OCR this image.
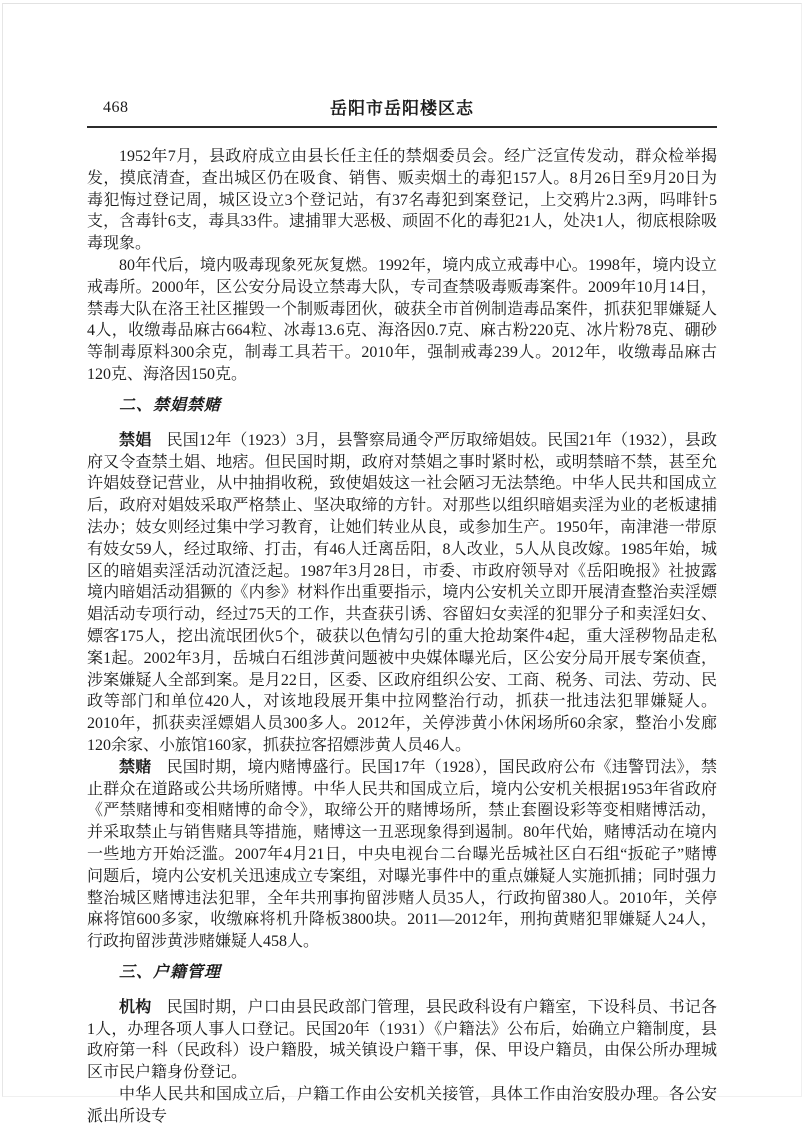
468	岳阳市岳阳楼区志

1952年7月，县政府成立由县长任主任的禁烟委员会。经广泛宣传发动，群众检举揭发，摸底清查，查出城区仍在吸食、销售、贩卖烟土的毒犯157人。8月26日至9月20日为毒犯悔过登记周，城区设立3个登记站，有37名毒犯到案登记，上交鸦片2.3两，吗啡针5支，含毒针6支，毒具33件。逮捕罪大恶极、顽固不化的毒犯21人，处决1人，彻底根除吸毒现象。

80年代后，境内吸毒现象死灰复燃。1992年，境内成立戒毒中心。1998年，境内设立戒毒所。2000年，区公安分局设立禁毒大队，专司查禁吸毒贩毒案件。2009年10月14日，禁毒大队在洛王社区摧毁一个制贩毒团伙，破获全市首例制造毒品案件，抓获犯罪嫌疑人4人，收缴毒品麻古664粒、冰毒13.6克、海洛因0.7克、麻古粉220克、冰片粉78克、硼砂等制毒原料300余克，制毒工具若干。2010年，强制戒毒239人。2012年，收缴毒品麻古120克、海洛因150克。

二、禁娼禁赌

禁娼 民国12年（1923）3月，县警察局通令严厉取缔娼妓。民国21年（1932），县政府又令查禁土娼、地痞。但民国时期，政府对禁娼之事时紧时松，或明禁暗不禁，甚至允许娼妓登记营业，从中抽捐收税，致使娼妓这一社会陋习无法禁绝。中华人民共和国成立后，政府对娼妓采取严格禁止、坚决取缔的方针。对那些以组织暗娼卖淫为业的老板逮捕法办；妓女则经过集中学习教育，让她们转业从良，或参加生产。1950年，南津港一带原有妓女59人，经过取缔、打击，有46人迁离岳阳，8人改业，5人从良改嫁。1985年始，城区的暗娼卖淫活动沉渣泛起。1987年3月28日，市委、市政府领导对《岳阳晚报》社披露境内暗娼活动猖獗的《内参》材料作出重要指示，境内公安机关立即开展清查整治卖淫嫖娼活动专项行动，经过75天的工作，共查获引诱、容留妇女卖淫的犯罪分子和卖淫妇女、嫖客175人，挖出流氓团伙5个，破获以色情勾引的重大抢劫案件4起，重大淫秽物品走私案1起。2002年3月，岳城白石组涉黄问题被中央媒体曝光后，区公安分局开展专案侦查，涉案嫌疑人全部到案。是月22日，区委、区政府组织公安、工商、税务、司法、劳动、民政等部门和单位420人，对该地段展开集中拉网整治行动，抓获一批违法犯罪嫌疑人。2010年，抓获卖淫嫖娼人员300多人。2012年，关停涉黄小休闲场所60余家，整治小发廊120余家、小旅馆160家，抓获拉客招嫖涉黄人员46人。

禁赌 民国时期，境内赌博盛行。民国17年（1928），国民政府公布《违警罚法》，禁止群众在道路或公共场所赌博。中华人民共和国成立后，境内公安机关根据1953年省政府《严禁赌博和变相赌博的命令》，取缔公开的赌博场所，禁止套圈设彩等变相赌博活动，并采取禁止与销售赌具等措施，赌博这一丑恶现象得到遏制。80年代始，赌博活动在境内一些地方开始泛滥。2007年4月21日，中央电视台二台曝光岳城社区白石组“扳砣子”赌博问题后，境内公安机关迅速成立专案组，对曝光事件中的重点嫌疑人实施抓捕；同时强力整治城区赌博违法犯罪，全年共刑事拘留涉赌人员35人，行政拘留380人。2010年，关停麻将馆600多家，收缴麻将机升降板3800块。2011—2012年，刑拘黄赌犯罪嫌疑人24人，行政拘留涉黄涉赌嫌疑人458人。

三、户籍管理

机构 民国时期，户口由县民政部门管理，县民政科设有户籍室，下设科员、书记各1人，办理各项人事人口登记。民国20年（1931）《户籍法》公布后，始确立户籍制度，县政府第一科（民政科）设户籍股，城关镇设户籍干事，保、甲设户籍员，由保公所办理城区市民户籍身份登记。

中华人民共和国成立后，户籍工作由公安机关接管，具体工作由治安股办理。各公安派出所设专
